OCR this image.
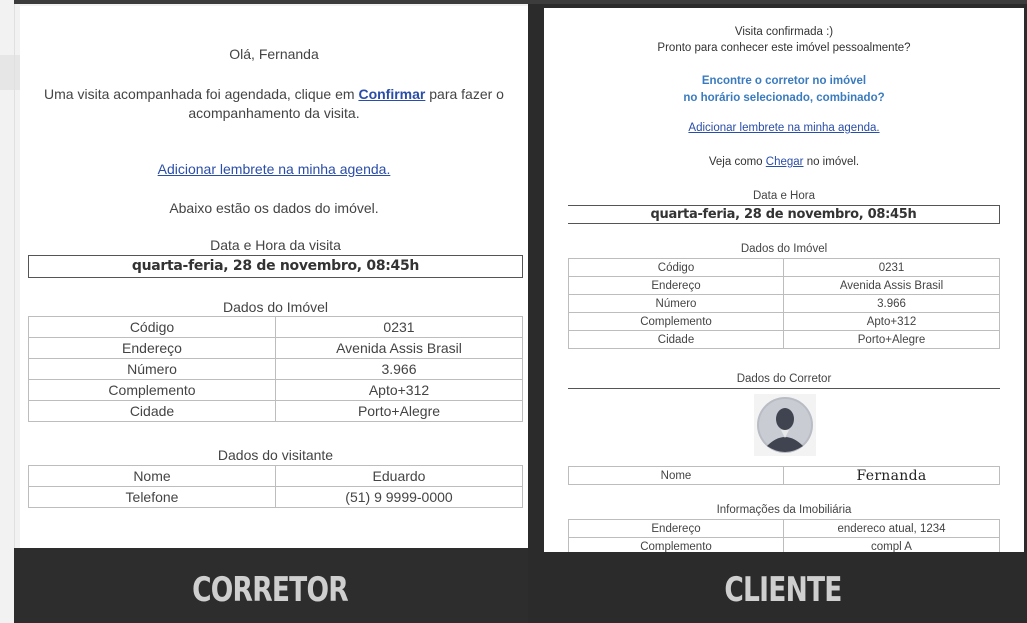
Olá, Fernanda
Uma visita acompanhada foi agendada, clique em Confirmar para fazer o
acompanhamento da visita.
Adicionar lembrete na minha agenda.
Abaixo estão os dados do imóvel.
Data e Hora da visita
quarta-feria, 28 de novembro, 08:45h
Dados do Imóvel
Código	0231
Endereço	Avenida Assis Brasil
Número	3.966
Complemento	Apto+312
Cidade	Porto+Alegre
Dados do visitante
Nome	Eduardo
Telefone	(51) 9 9999-0000
Visita confirmada :)
Pronto para conhecer este imóvel pessoalmente?
Encontre o corretor no imóvel
no horário selecionado, combinado?
Adicionar lembrete na minha agenda.
Veja como Chegar no imóvel.
Data e Hora
quarta-feria, 28 de novembro, 08:45h
Dados do Imóvel
Código	0231
Endereço	Avenida Assis Brasil
Número	3.966
Complemento	Apto+312
Cidade	Porto+Alegre
Dados do Corretor
Nome	Fernanda
Informações da Imobiliária
Endereço	endereco atual, 1234
Complemento	compl A
CORRETOR	CLIENTE
